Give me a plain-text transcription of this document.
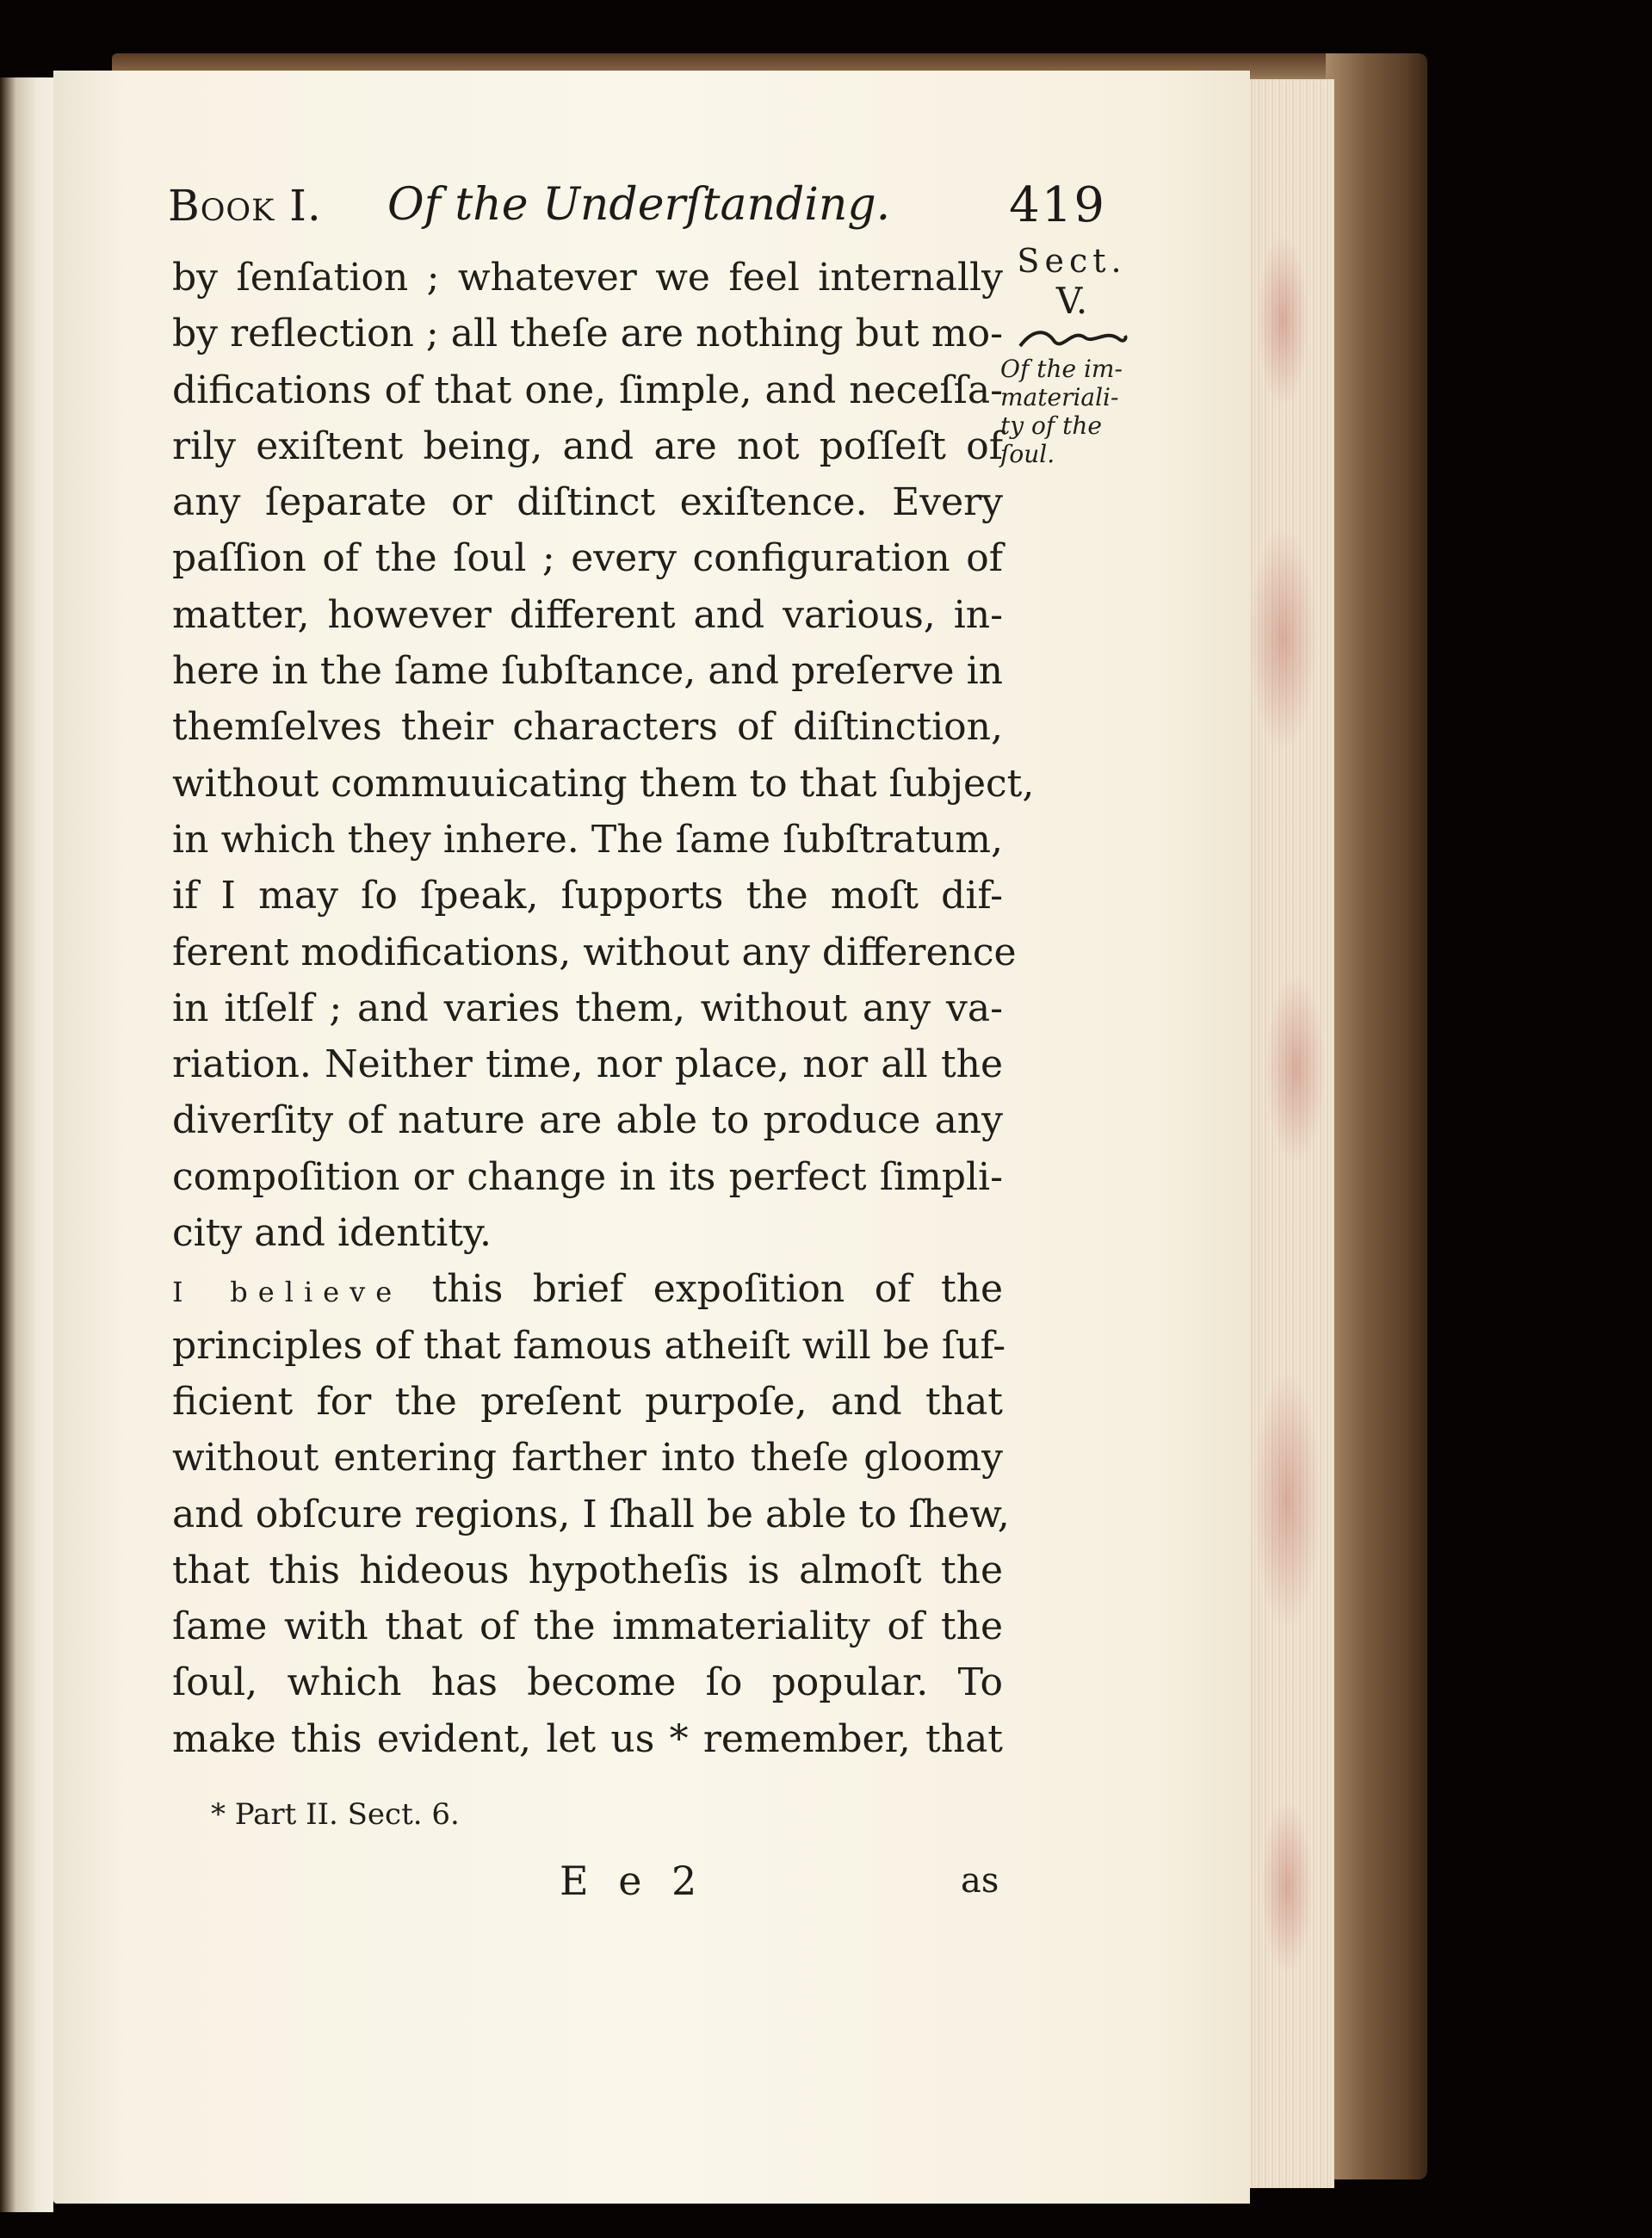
Book I. Of the Underſtanding. 419
Sect.
V.
Of the im-
materiali-
ty of the
ſoul.
by ſenſation ; whatever we feel internally
by reflection ; all theſe are nothing but mo-
difications of that one, ſimple, and neceſſa-
rily exiſtent being, and are not poſſeſt of
any ſeparate or diſtinct exiſtence. Every
paſſion of the ſoul ; every configuration of
matter, however different and various, in-
here in the ſame ſubſtance, and preſerve in
themſelves their characters of diſtinction,
without commuuicating them to that ſubject,
in which they inhere. The ſame ſubſtratum,
if I may ſo ſpeak, ſupports the moſt dif-
ferent modifications, without any difference
in itſelf ; and varies them, without any va-
riation. Neither time, nor place, nor all the
diverſity of nature are able to produce any
compoſition or change in its perfect ſimpli-
city and identity.
I believe this brief expoſition of the
principles of that famous atheiſt will be ſuf-
ficient for the preſent purpoſe, and that
without entering farther into theſe gloomy
and obſcure regions, I ſhall be able to ſhew,
that this hideous hypotheſis is almoſt the
ſame with that of the immateriality of the
ſoul, which has become ſo popular. To
make this evident, let us * remember, that
* Part II. Sect. 6.
E e 2	as
